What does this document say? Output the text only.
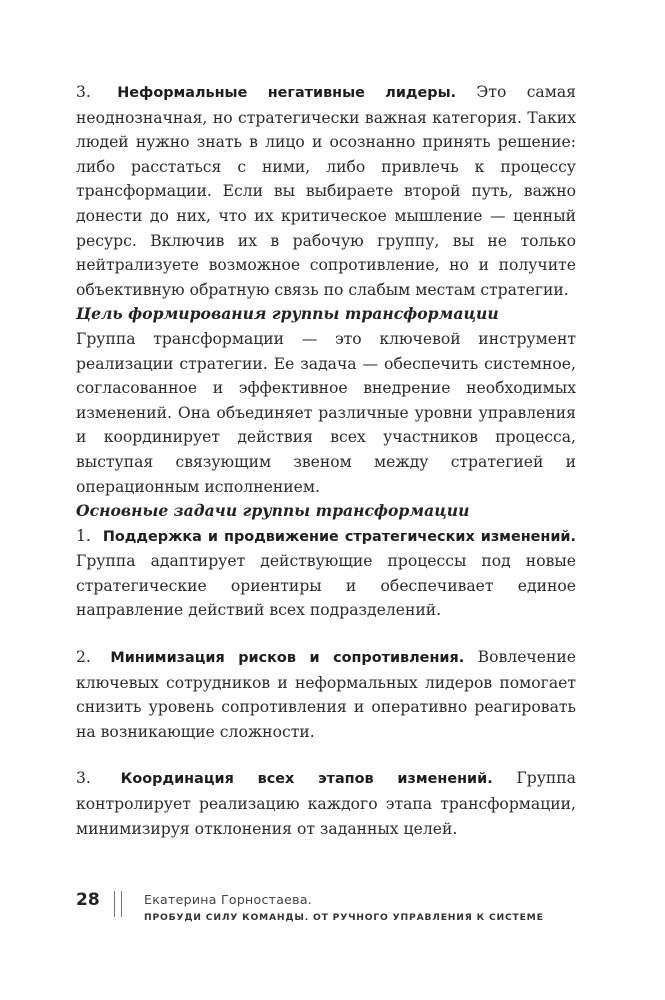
3. Неформальные негативные лидеры. Это самая неоднозначная, но стратегически важная категория. Таких людей нужно знать в лицо и осознанно принять решение: либо расстаться с ними, либо привлечь к процессу трансформации. Если вы выбираете второй путь, важно донести до них, что их критическое мышление — ценный ресурс. Включив их в рабочую группу, вы не только нейтрализуете возможное сопротивление, но и получите объективную обратную связь по слабым местам стратегии.

Цель формирования группы трансформации

Группа трансформации — это ключевой инструмент реализации стратегии. Ее задача — обеспечить системное, согласованное и эффективное внедрение необходимых изменений. Она объединяет различные уровни управления и координирует действия всех участников процесса, выступая связующим звеном между стратегией и операционным исполнением.

Основные задачи группы трансформации

1. Поддержка и продвижение стратегических изменений. Группа адаптирует действующие процессы под новые стратегические ориентиры и обеспечивает единое направление действий всех подразделений.

2. Минимизация рисков и сопротивления. Вовлечение ключевых сотрудников и неформальных лидеров помогает снизить уровень сопротивления и оперативно реагировать на возникающие сложности.

3. Координация всех этапов изменений. Группа контролирует реализацию каждого этапа трансформации, минимизируя отклонения от заданных целей.

28	Екатерина Горностаева.
ПРОБУДИ СИЛУ КОМАНДЫ. ОТ РУЧНОГО УПРАВЛЕНИЯ К СИСТЕМЕ
